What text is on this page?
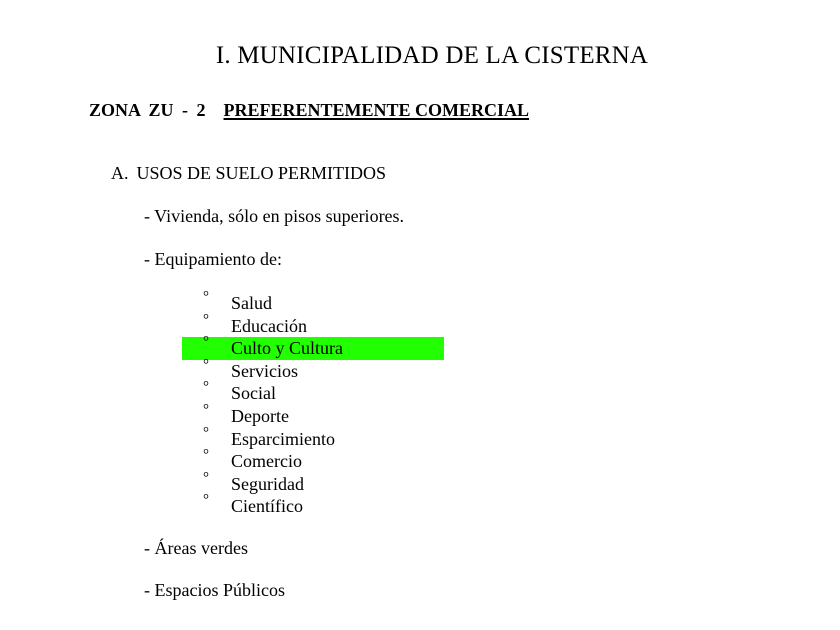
I. MUNICIPALIDAD DE LA CISTERNA
ZONA ZU - 2 PREFERENTEMENTE COMERCIAL
A. USOS DE SUELO PERMITIDOS
- Vivienda, sólo en pisos superiores.
- Equipamiento de:
° Salud
° Educación
° Culto y Cultura
° Servicios
° Social
° Deporte
° Esparcimiento
° Comercio
° Seguridad
° Científico
- Áreas verdes
- Espacios Públicos
